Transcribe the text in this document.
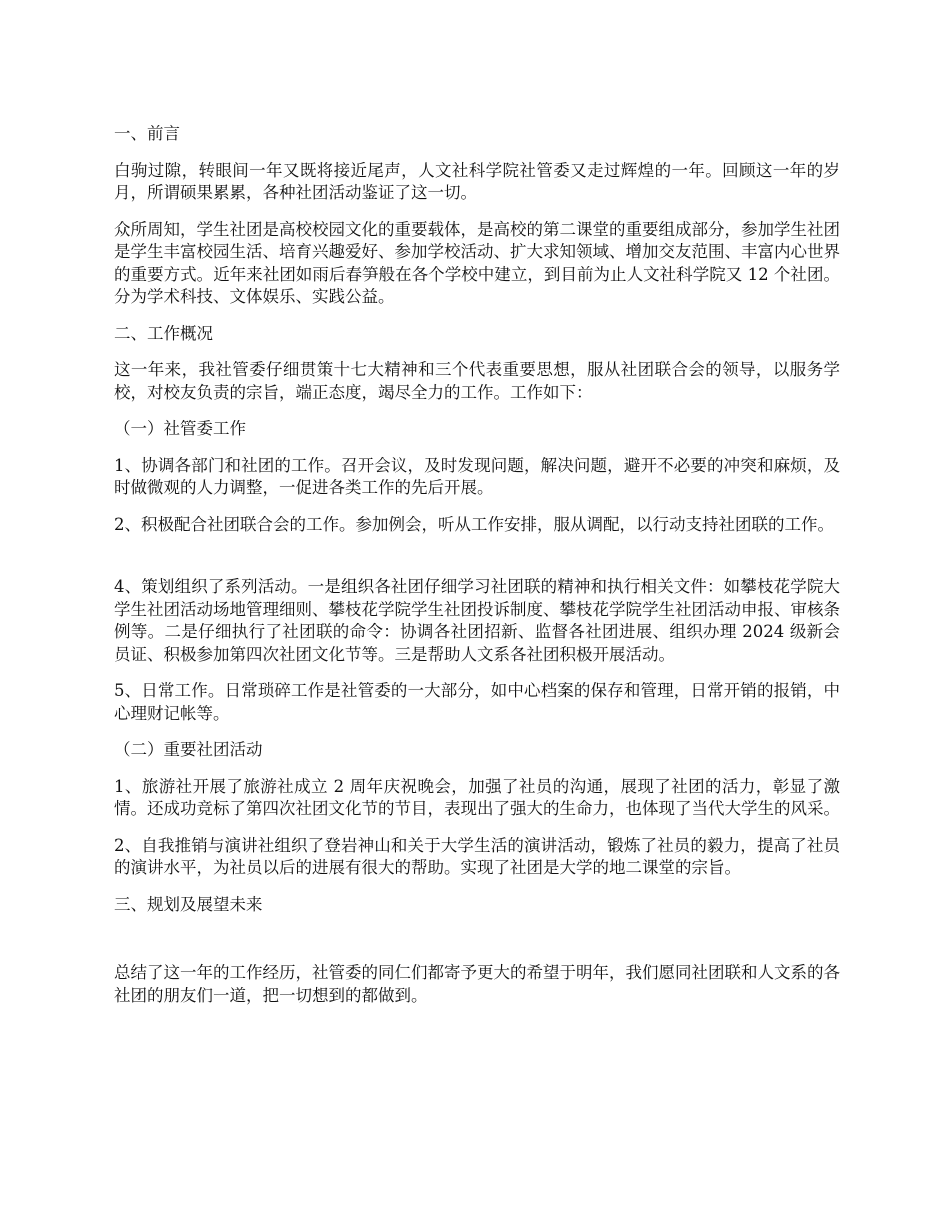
一、前言

白驹过隙，转眼间一年又既将接近尾声，人文社科学院社管委又走过辉煌的一年。回顾这一年的岁月，所谓硕果累累，各种社团活动鉴证了这一切。

众所周知，学生社团是高校校园文化的重要载体，是高校的第二课堂的重要组成部分，参加学生社团是学生丰富校园生活、培育兴趣爱好、参加学校活动、扩大求知领域、增加交友范围、丰富内心世界的重要方式。近年来社团如雨后春笋般在各个学校中建立，到目前为止人文社科学院又 12 个社团。分为学术科技、文体娱乐、实践公益。

二、工作概况

这一年来，我社管委仔细贯策十七大精神和三个代表重要思想，服从社团联合会的领导，以服务学校，对校友负责的宗旨，端正态度，竭尽全力的工作。工作如下：

（一）社管委工作

1、协调各部门和社团的工作。召开会议，及时发现问题，解决问题，避开不必要的冲突和麻烦，及时做微观的人力调整，一促进各类工作的先后开展。

2、积极配合社团联合会的工作。参加例会，听从工作安排，服从调配，以行动支持社团联的工作。

4、策划组织了系列活动。一是组织各社团仔细学习社团联的精神和执行相关文件：如攀枝花学院大学生社团活动场地管理细则、攀枝花学院学生社团投诉制度、攀枝花学院学生社团活动申报、审核条例等。二是仔细执行了社团联的命令：协调各社团招新、监督各社团进展、组织办理 2024 级新会员证、积极参加第四次社团文化节等。三是帮助人文系各社团积极开展活动。

5、日常工作。日常琐碎工作是社管委的一大部分，如中心档案的保存和管理，日常开销的报销，中心理财记帐等。

（二）重要社团活动

1、旅游社开展了旅游社成立 2 周年庆祝晚会，加强了社员的沟通，展现了社团的活力，彰显了激情。还成功竞标了第四次社团文化节的节目，表现出了强大的生命力，也体现了当代大学生的风采。

2、自我推销与演讲社组织了登岩神山和关于大学生活的演讲活动，锻炼了社员的毅力，提高了社员的演讲水平，为社员以后的进展有很大的帮助。实现了社团是大学的地二课堂的宗旨。

三、规划及展望未来

总结了这一年的工作经历，社管委的同仁们都寄予更大的希望于明年，我们愿同社团联和人文系的各社团的朋友们一道，把一切想到的都做到。
